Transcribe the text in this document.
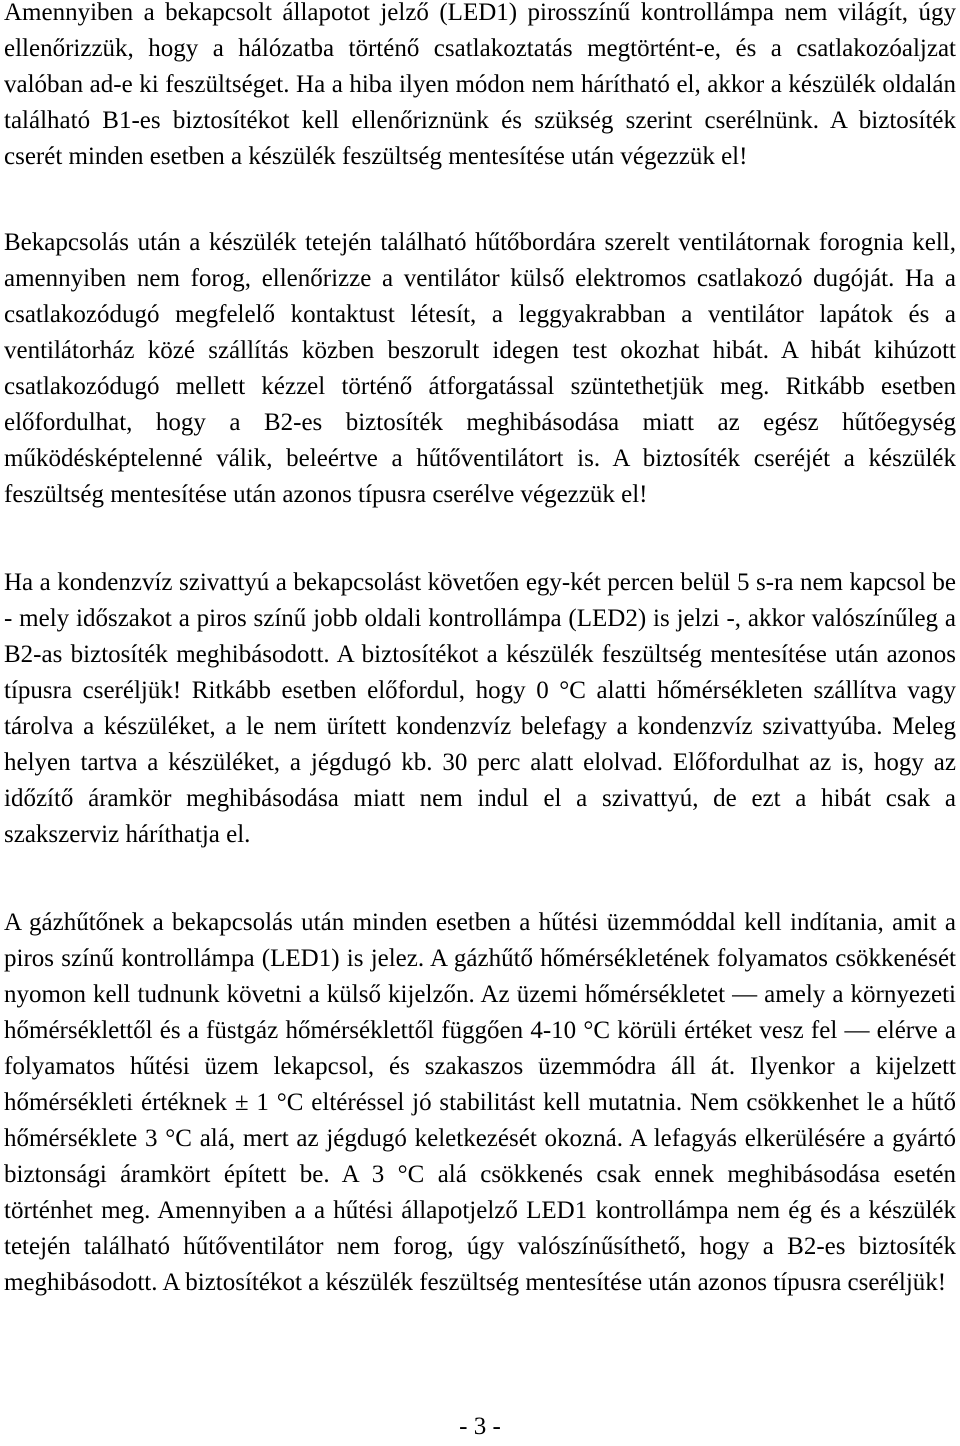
Amennyiben a bekapcsolt állapotot jelző (LED1) pirosszínű kontrollámpa nem világít, úgy ellenőrizzük, hogy a hálózatba történő csatlakoztatás megtörtént-e, és a csatlakozóaljzat valóban ad-e ki feszültséget. Ha a hiba ilyen módon nem hárítható el, akkor a készülék oldalán található B1-es biztosítékot kell ellenőriznünk és szükség szerint cserélnünk. A biztosíték cserét minden esetben a készülék feszültség mentesítése után végezzük el!

Bekapcsolás után a készülék tetején található hűtőbordára szerelt ventilátornak forognia kell, amennyiben nem forog, ellenőrizze a ventilátor külső elektromos csatlakozó dugóját. Ha a csatlakozódugó megfelelő kontaktust létesít, a leggyakrabban a ventilátor lapátok és a ventilátorház közé szállítás közben beszorult idegen test okozhat hibát. A hibát kihúzott csatlakozódugó mellett kézzel történő átforgatással szüntethetjük meg. Ritkább esetben előfordulhat, hogy a B2-es biztosíték meghibásodása miatt az egész hűtőegység működésképtelenné válik, beleértve a hűtőventilátort is. A biztosíték cseréjét a készülék feszültség mentesítése után azonos típusra cserélve végezzük el!

Ha a kondenzvíz szivattyú a bekapcsolást követően egy-két percen belül 5 s-ra nem kapcsol be - mely időszakot a piros színű jobb oldali kontrollámpa (LED2) is jelzi -, akkor valószínűleg a B2-as biztosíték meghibásodott. A biztosítékot a készülék feszültség mentesítése után azonos típusra cseréljük! Ritkább esetben előfordul, hogy 0 °C alatti hőmérsékleten szállítva vagy tárolva a készüléket, a le nem ürített kondenzvíz belefagy a kondenzvíz szivattyúba. Meleg helyen tartva a készüléket, a jégdugó kb. 30 perc alatt elolvad. Előfordulhat az is, hogy az időzítő áramkör meghibásodása miatt nem indul el a szivattyú, de ezt a hibát csak a szakszerviz háríthatja el.

A gázhűtőnek a bekapcsolás után minden esetben a hűtési üzemmóddal kell indítania, amit a piros színű kontrollámpa (LED1) is jelez. A gázhűtő hőmérsékletének folyamatos csökkenését nyomon kell tudnunk követni a külső kijelzőn. Az üzemi hőmérsékletet — amely a környezeti hőmérséklettől és a füstgáz hőmérséklettől függően 4-10 °C körüli értéket vesz fel — elérve a folyamatos hűtési üzem lekapcsol, és szakaszos üzemmódra áll át. Ilyenkor a kijelzett hőmérsékleti értéknek ± 1 °C eltéréssel jó stabilitást kell mutatnia. Nem csökkenhet le a hűtő hőmérséklete 3 °C alá, mert az jégdugó keletkezését okozná. A lefagyás elkerülésére a gyártó biztonsági áramkört épített be. A 3 °C alá csökkenés csak ennek meghibásodása esetén történhet meg. Amennyiben a a hűtési állapotjelző LED1 kontrollámpa nem ég és a készülék tetején található hűtőventilátor nem forog, úgy valószínűsíthető, hogy a B2-es biztosíték meghibásodott. A biztosítékot a készülék feszültség mentesítése után azonos típusra cseréljük!

- 3 -
